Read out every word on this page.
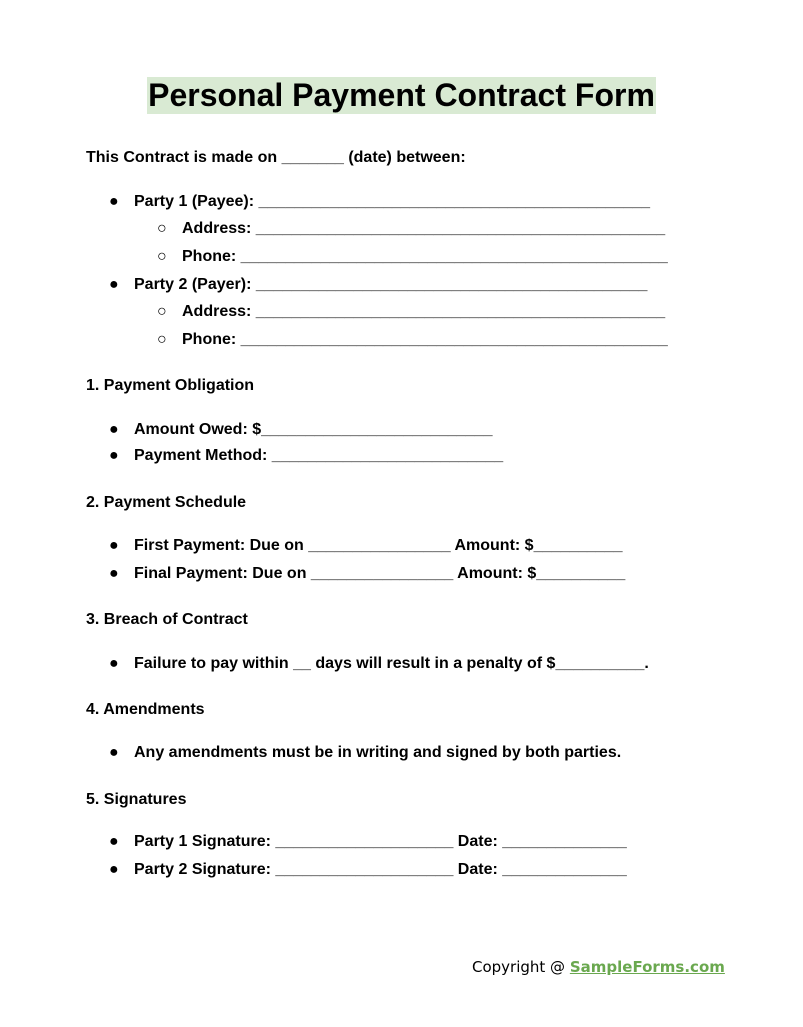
Personal Payment Contract Form
This Contract is made on _______ (date) between:
● Party 1 (Payee): ____________________________________________
○ Address: ______________________________________________
○ Phone: ________________________________________________
● Party 2 (Payer): ____________________________________________
○ Address: ______________________________________________
○ Phone: ________________________________________________
1. Payment Obligation
● Amount Owed: $__________________________
● Payment Method: __________________________
2. Payment Schedule
● First Payment: Due on ________________ Amount: $__________
● Final Payment: Due on ________________ Amount: $__________
3. Breach of Contract
● Failure to pay within __ days will result in a penalty of $__________.
4. Amendments
● Any amendments must be in writing and signed by both parties.
5. Signatures
● Party 1 Signature: ____________________ Date: ______________
● Party 2 Signature: ____________________ Date: ______________
Copyright @ SampleForms.com
